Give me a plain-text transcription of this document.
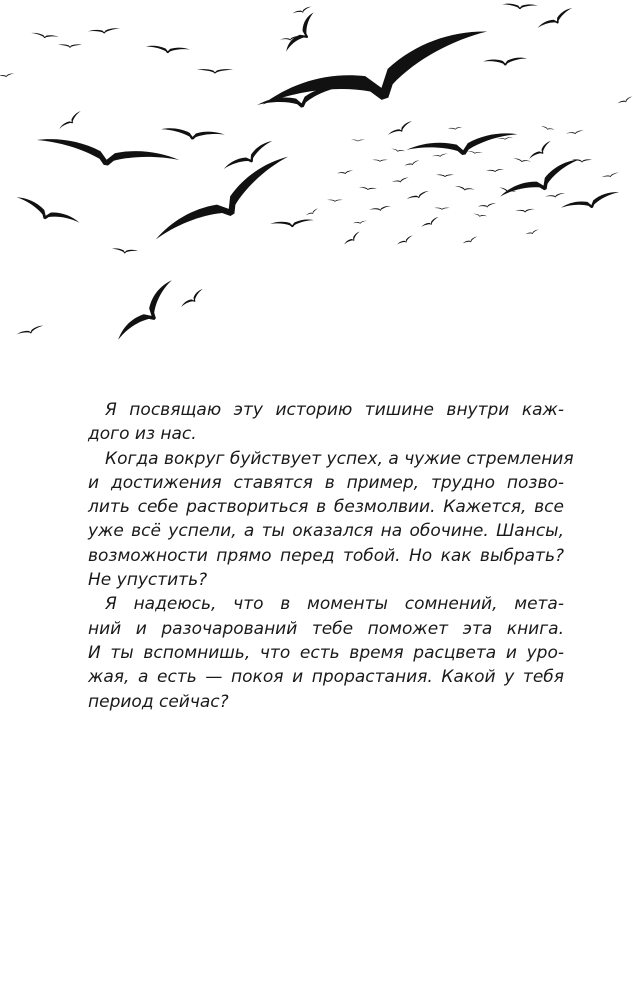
Я посвящаю эту историю тишине внутри каж-
дого из нас.
Когда вокруг буйствует успех, а чужие стремления
и достижения ставятся в пример, трудно позво-
лить себе раствориться в безмолвии. Кажется, все
уже всё успели, а ты оказался на обочине. Шансы,
возможности прямо перед тобой. Но как выбрать?
Не упустить?
Я надеюсь, что в моменты сомнений, мета-
ний и разочарований тебе поможет эта книга.
И ты вспомнишь, что есть время расцвета и уро-
жая, а есть — покоя и прорастания. Какой у тебя
период сейчас?
